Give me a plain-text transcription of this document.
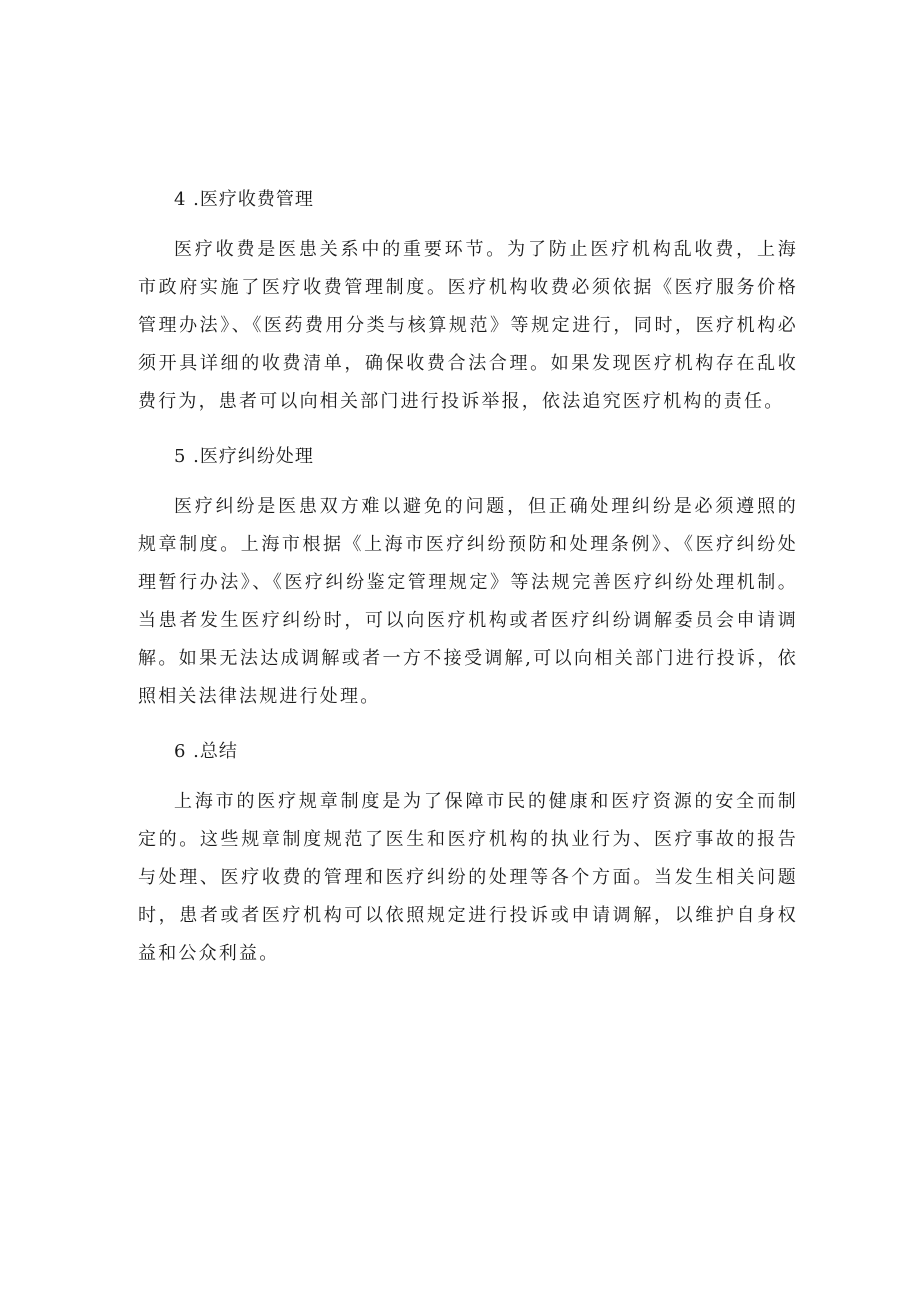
4 .医疗收费管理

医疗收费是医患关系中的重要环节。为了防止医疗机构乱收费，上海市政府实施了医疗收费管理制度。医疗机构收费必须依据《医疗服务价格管理办法》、《医药费用分类与核算规范》等规定进行，同时，医疗机构必须开具详细的收费清单，确保收费合法合理。如果发现医疗机构存在乱收费行为，患者可以向相关部门进行投诉举报，依法追究医疗机构的责任。

5 .医疗纠纷处理

医疗纠纷是医患双方难以避免的问题，但正确处理纠纷是必须遵照的规章制度。上海市根据《上海市医疗纠纷预防和处理条例》、《医疗纠纷处理暂行办法》、《医疗纠纷鉴定管理规定》等法规完善医疗纠纷处理机制。当患者发生医疗纠纷时，可以向医疗机构或者医疗纠纷调解委员会申请调解。如果无法达成调解或者一方不接受调解,可以向相关部门进行投诉，依照相关法律法规进行处理。

6 .总结

上海市的医疗规章制度是为了保障市民的健康和医疗资源的安全而制定的。这些规章制度规范了医生和医疗机构的执业行为、医疗事故的报告与处理、医疗收费的管理和医疗纠纷的处理等各个方面。当发生相关问题时，患者或者医疗机构可以依照规定进行投诉或申请调解，以维护自身权益和公众利益。
